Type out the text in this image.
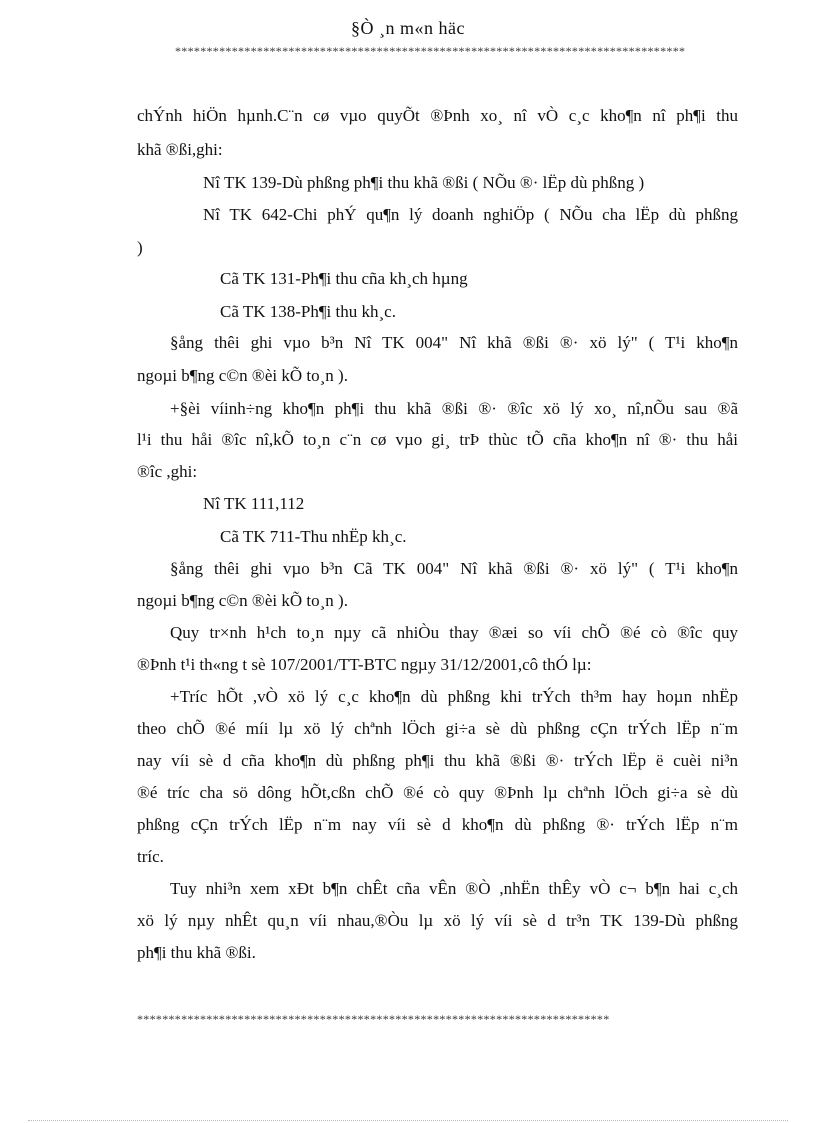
§Ò ¸n m«n häc
*********************************************************************************
chÝnh hiÖn hµnh.C¨n cø vµo quyÕt ®Þnh xo¸ nî vÒ c¸c kho¶n nî ph¶i thu
khã ®ßi,ghi:
Nî TK 139-Dù phßng ph¶i thu khã ®ßi ( NÕu ®· lËp dù phßng )
Nî TK 642-Chi phÝ qu¶n lý doanh nghiÖp ( NÕu cha lËp dù phßng
)
Cã TK 131-Ph¶i thu cña kh¸ch hµng
Cã TK 138-Ph¶i thu kh¸c.
§ång thêi ghi vµo b³n Nî TK 004" Nî khã ®ßi ®· xö lý" ( T¹i kho¶n
ngoµi b¶ng c©n ®èi kÕ to¸n ).
+§èi víinh÷ng kho¶n ph¶i thu khã ®ßi ®· ®îc xö lý xo¸ nî,nÕu sau ®ã
l¹i thu håi ®îc nî,kÕ to¸n c¨n cø vµo gi¸ trÞ thùc tÕ cña kho¶n nî ®· thu håi
®îc ,ghi:
Nî TK 111,112
Cã TK 711-Thu nhËp kh¸c.
§ång thêi ghi vµo b³n Cã TK 004" Nî khã ®ßi ®· xö lý" ( T¹i kho¶n
ngoµi b¶ng c©n ®èi kÕ to¸n ).
Quy tr×nh h¹ch to¸n nµy cã nhiÒu thay ®æi so víi chÕ ®é cò ®îc quy
®Þnh t¹i th«ng t sè 107/2001/TT-BTC ngµy 31/12/2001,cô thÓ lµ:
+Tríc hÕt ,vÒ xö lý c¸c kho¶n dù phßng khi trÝch th³m hay hoµn nhËp
theo chÕ ®é míi lµ xö lý chªnh lÖch gi÷a sè dù phßng cÇn trÝch lËp n¨m
nay víi sè d cña kho¶n dù phßng ph¶i thu khã ®ßi ®· trÝch lËp ë cuèi ni³n
®é tríc cha sö dông hÕt,cßn chÕ ®é cò quy ®Þnh lµ chªnh lÖch gi÷a sè dù
phßng cÇn trÝch lËp n¨m nay víi sè d kho¶n dù phßng ®· trÝch lËp n¨m
tríc.
Tuy nhi³n xem xÐt b¶n chÊt cña vÊn ®Ò ,nhËn thÊy vÒ c¬ b¶n hai c¸ch
xö lý nµy nhÊt qu¸n víi nhau,®Òu lµ xö lý víi sè d tr³n TK 139-Dù phßng
ph¶i thu khã ®ßi.
***************************************************************************
